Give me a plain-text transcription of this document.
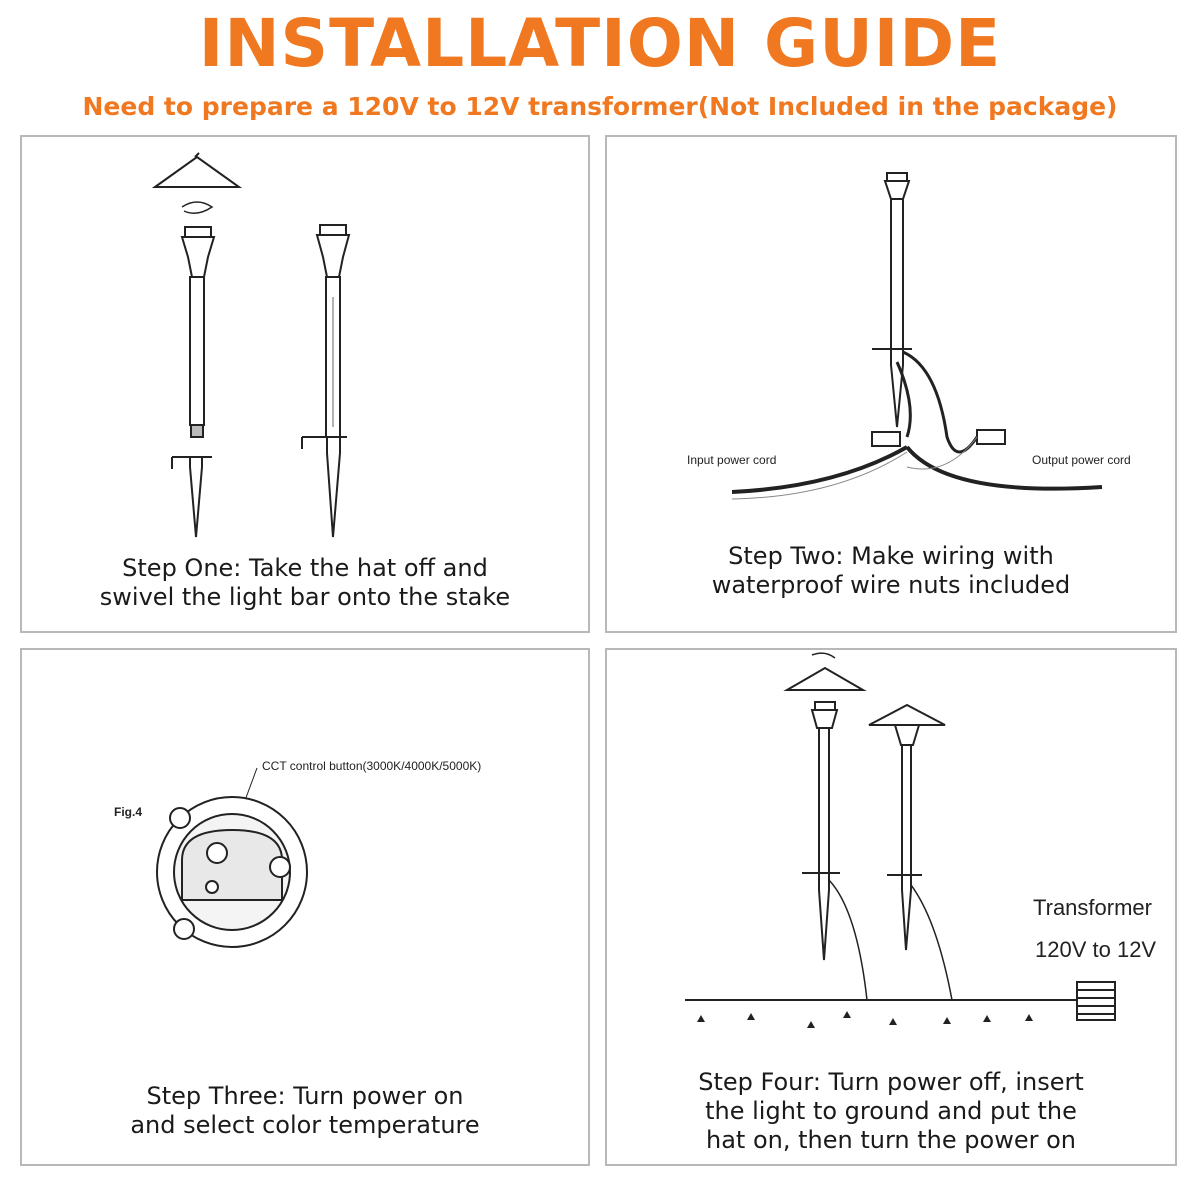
INSTALLATION GUIDE
Need to prepare a 120V to 12V transformer(Not Included in the package)
Step One: Take the hat off and
swivel the light bar onto the stake
Input power cord	Output power cord
Step Two: Make wiring with
waterproof wire nuts included
Fig.4
CCT control button(3000K/4000K/5000K)
Step Three: Turn power on
and select color temperature
Transformer
120V to 12V
Step Four: Turn power off, insert
the light to ground and put the
hat on, then turn the power on
